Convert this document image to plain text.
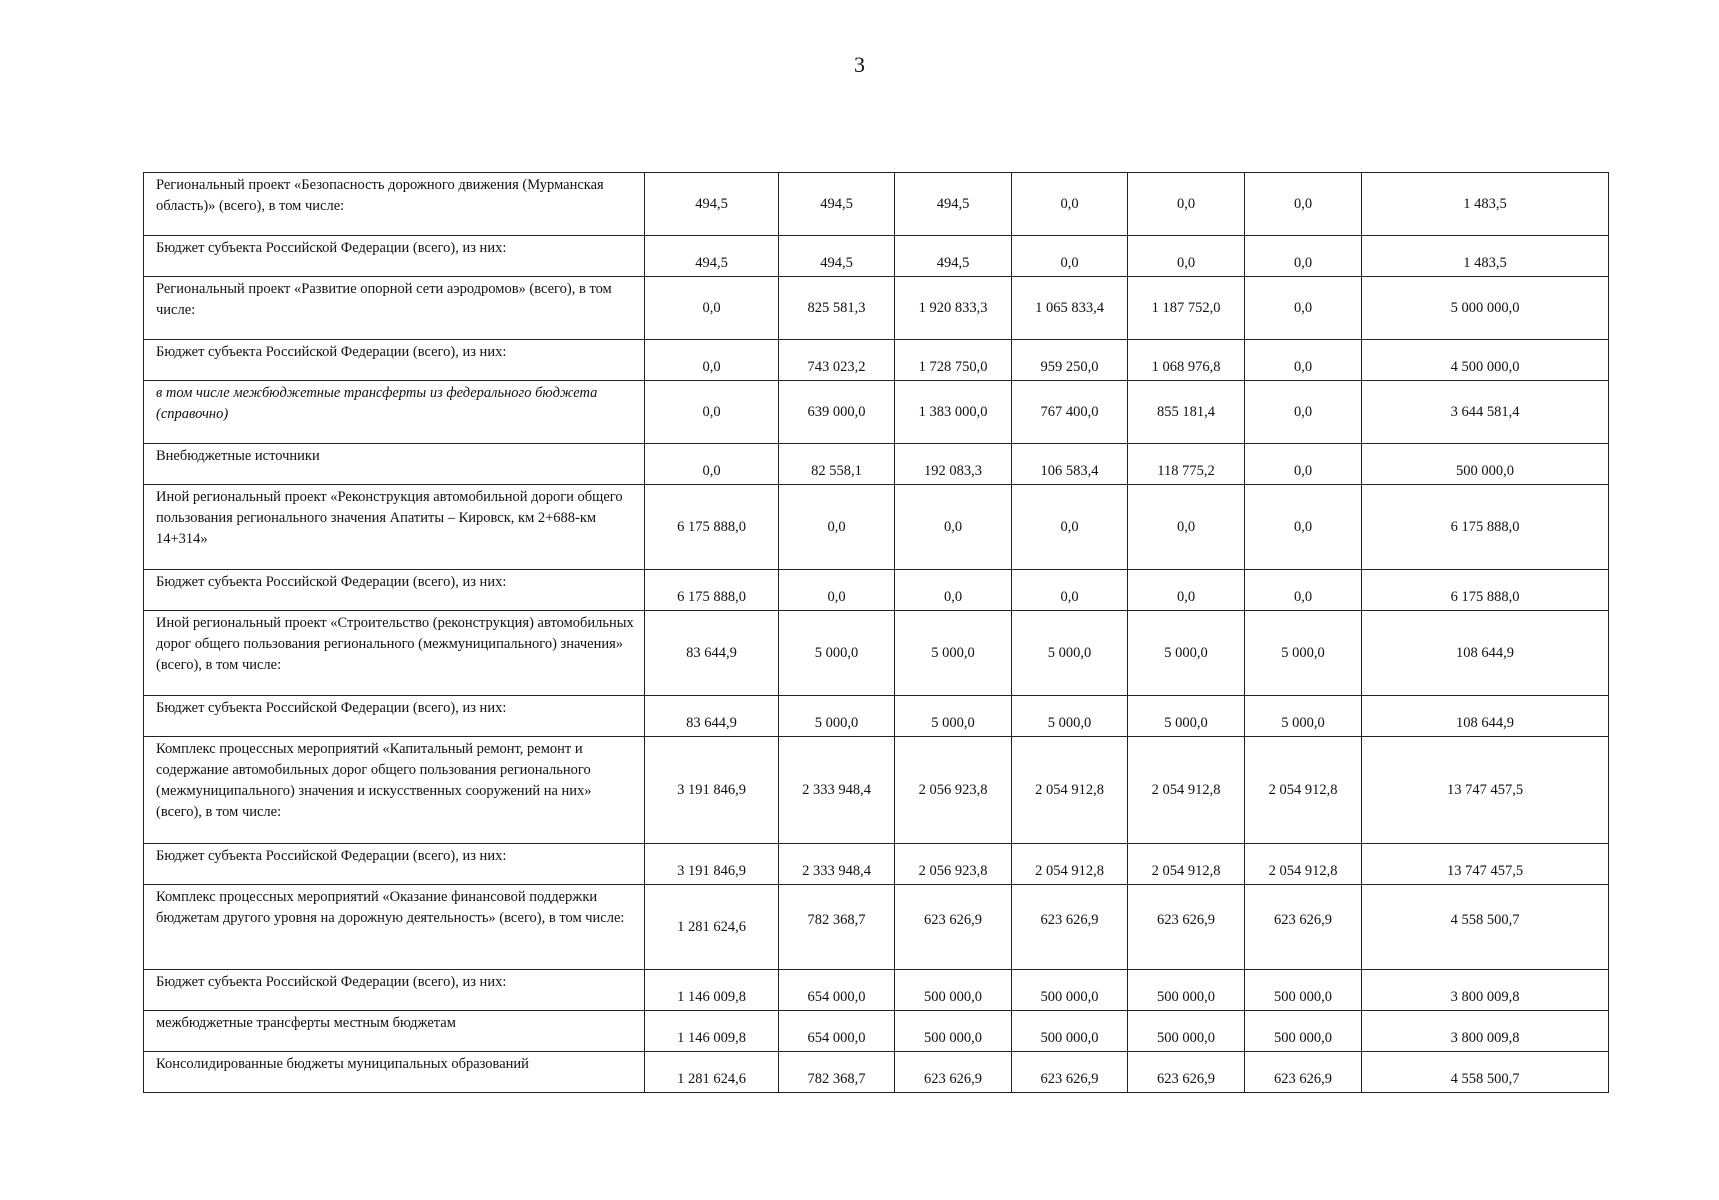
3
Региональный проект «Безопасность дорожного движения (Мурманская область)» (всего), в том числе:	494,5	494,5	494,5	0,0	0,0	0,0	1 483,5
Бюджет субъекта Российской Федерации (всего), из них:	494,5	494,5	494,5	0,0	0,0	0,0	1 483,5
Региональный проект «Развитие опорной сети аэродромов» (всего), в том числе:	0,0	825 581,3	1 920 833,3	1 065 833,4	1 187 752,0	0,0	5 000 000,0
Бюджет субъекта Российской Федерации (всего), из них:	0,0	743 023,2	1 728 750,0	959 250,0	1 068 976,8	0,0	4 500 000,0
в том числе межбюджетные трансферты из федерального бюджета (справочно)	0,0	639 000,0	1 383 000,0	767 400,0	855 181,4	0,0	3 644 581,4
Внебюджетные источники	0,0	82 558,1	192 083,3	106 583,4	118 775,2	0,0	500 000,0
Иной региональный проект «Реконструкция автомобильной дороги общего пользования регионального значения Апатиты – Кировск, км 2+688-км 14+314»	6 175 888,0	0,0	0,0	0,0	0,0	0,0	6 175 888,0
Бюджет субъекта Российской Федерации (всего), из них:	6 175 888,0	0,0	0,0	0,0	0,0	0,0	6 175 888,0
Иной региональный проект «Строительство (реконструкция) автомобильных дорог общего пользования регионального (межмуниципального) значения» (всего), в том числе:	83 644,9	5 000,0	5 000,0	5 000,0	5 000,0	5 000,0	108 644,9
Бюджет субъекта Российской Федерации (всего), из них:	83 644,9	5 000,0	5 000,0	5 000,0	5 000,0	5 000,0	108 644,9
Комплекс процессных мероприятий «Капитальный ремонт, ремонт и содержание автомобильных дорог общего пользования регионального (межмуниципального) значения и искусственных сооружений на них» (всего), в том числе:	3 191 846,9	2 333 948,4	2 056 923,8	2 054 912,8	2 054 912,8	2 054 912,8	13 747 457,5
Бюджет субъекта Российской Федерации (всего), из них:	3 191 846,9	2 333 948,4	2 056 923,8	2 054 912,8	2 054 912,8	2 054 912,8	13 747 457,5
Комплекс процессных мероприятий «Оказание финансовой поддержки бюджетам другого уровня на дорожную деятельность» (всего), в том числе:	1 281 624,6	782 368,7	623 626,9	623 626,9	623 626,9	623 626,9	4 558 500,7
Бюджет субъекта Российской Федерации (всего), из них:	1 146 009,8	654 000,0	500 000,0	500 000,0	500 000,0	500 000,0	3 800 009,8
межбюджетные трансферты местным бюджетам	1 146 009,8	654 000,0	500 000,0	500 000,0	500 000,0	500 000,0	3 800 009,8
Консолидированные бюджеты муниципальных образований	1 281 624,6	782 368,7	623 626,9	623 626,9	623 626,9	623 626,9	4 558 500,7
